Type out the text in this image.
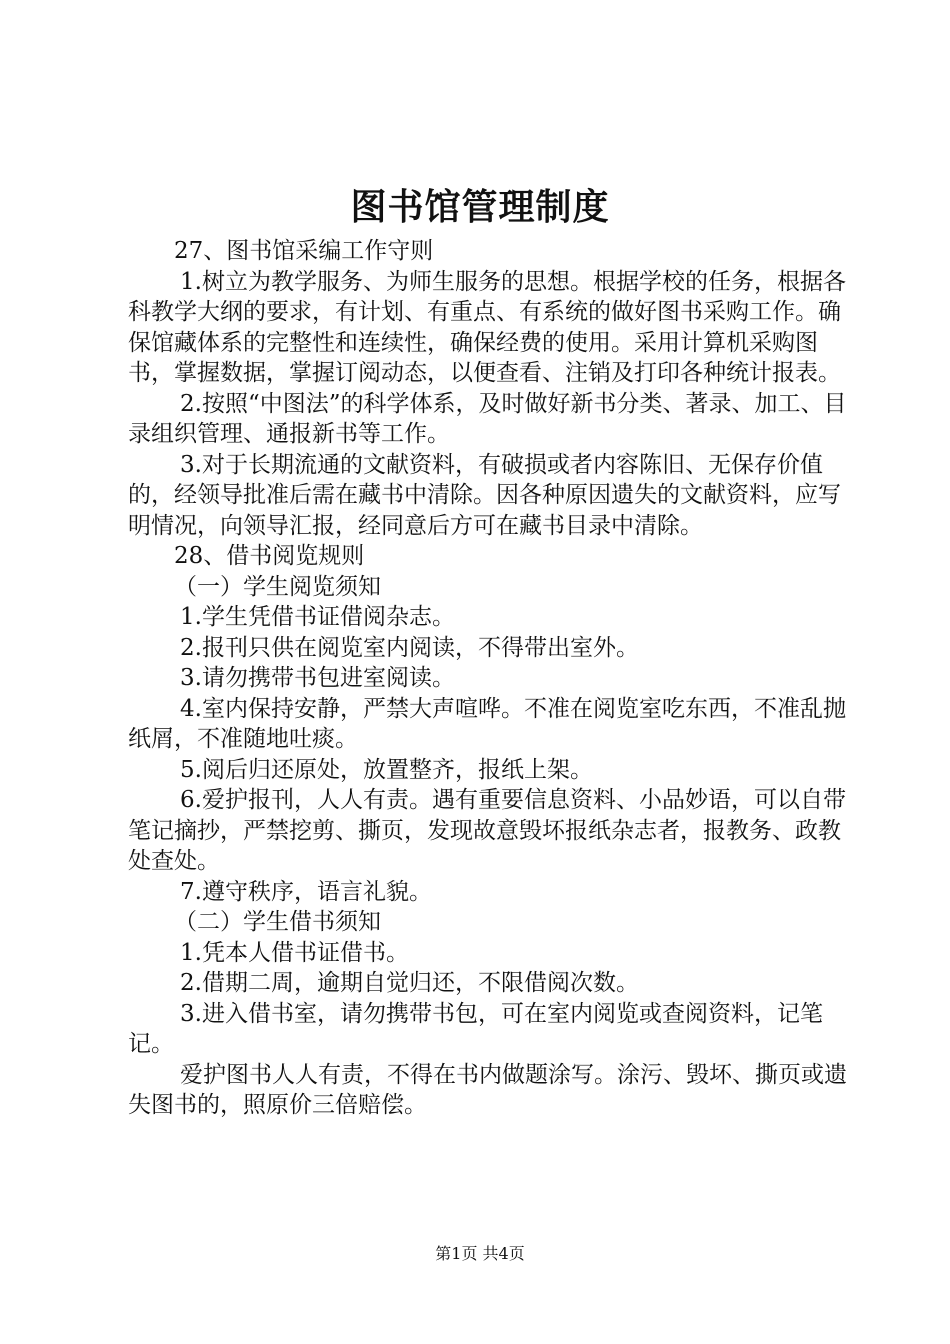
图书馆管理制度

27、图书馆采编工作守则

1.树立为教学服务、为师生服务的思想。根据学校的任务，根据各科教学大纲的要求，有计划、有重点、有系统的做好图书采购工作。确保馆藏体系的完整性和连续性，确保经费的使用。采用计算机采购图书，掌握数据，掌握订阅动态，以便查看、注销及打印各种统计报表。

2.按照“中图法”的科学体系，及时做好新书分类、著录、加工、目录组织管理、通报新书等工作。

3.对于长期流通的文献资料，有破损或者内容陈旧、无保存价值的，经领导批准后需在藏书中清除。因各种原因遗失的文献资料，应写明情况，向领导汇报，经同意后方可在藏书目录中清除。

28、借书阅览规则

（一）学生阅览须知

1.学生凭借书证借阅杂志。

2.报刊只供在阅览室内阅读，不得带出室外。

3.请勿携带书包进室阅读。

4.室内保持安静，严禁大声喧哗。不准在阅览室吃东西，不准乱抛纸屑，不准随地吐痰。

5.阅后归还原处，放置整齐，报纸上架。

6.爱护报刊，人人有责。遇有重要信息资料、小品妙语，可以自带笔记摘抄，严禁挖剪、撕页，发现故意毁坏报纸杂志者，报教务、政教处查处。

7.遵守秩序，语言礼貌。

（二）学生借书须知

1.凭本人借书证借书。

2.借期二周，逾期自觉归还，不限借阅次数。

3.进入借书室，请勿携带书包，可在室内阅览或查阅资料，记笔记。

爱护图书人人有责，不得在书内做题涂写。涂污、毁坏、撕页或遗失图书的，照原价三倍赔偿。

第1页 共4页
